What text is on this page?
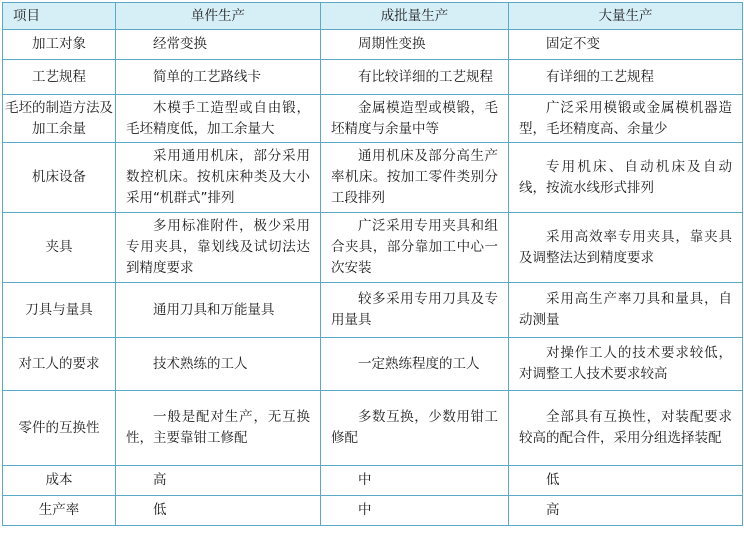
项目	单件生产	成批量生产	大量生产
加工对象	经常变换	周期性变换	固定不变

工艺规程	简单的工艺路线卡	有比较详细的工艺规程	有详细的工艺规程

毛坯的制造方法及加工余量	木模手工造型或自由锻，毛坯精度低，加工余量大	金属模造型或模锻，毛坯精度与余量中等	广泛采用模锻或金属模机器造型，毛坯精度高、余量少

机床设备	采用通用机床，部分采用数控机床。按机床种类及大小采用“机群式”排列	通用机床及部分高生产率机床。按加工零件类别分工段排列	专用机床、自动机床及自动线，按流水线形式排列

夹具	多用标准附件，极少采用专用夹具，靠划线及试切法达到精度要求	广泛采用专用夹具和组合夹具，部分靠加工中心一次安装	采用高效率专用夹具，靠夹具及调整法达到精度要求

刀具与量具	通用刀具和万能量具	较多采用专用刀具及专用量具	采用高生产率刀具和量具，自动测量

对工人的要求	技术熟练的工人	一定熟练程度的工人	对操作工人的技术要求较低，对调整工人技术要求较高

零件的互换性	一般是配对生产，无互换性，主要靠钳工修配	多数互换，少数用钳工修配	全部具有互换性，对装配要求较高的配合件，采用分组选择装配

成本	高	中	低

生产率	低	中	高
